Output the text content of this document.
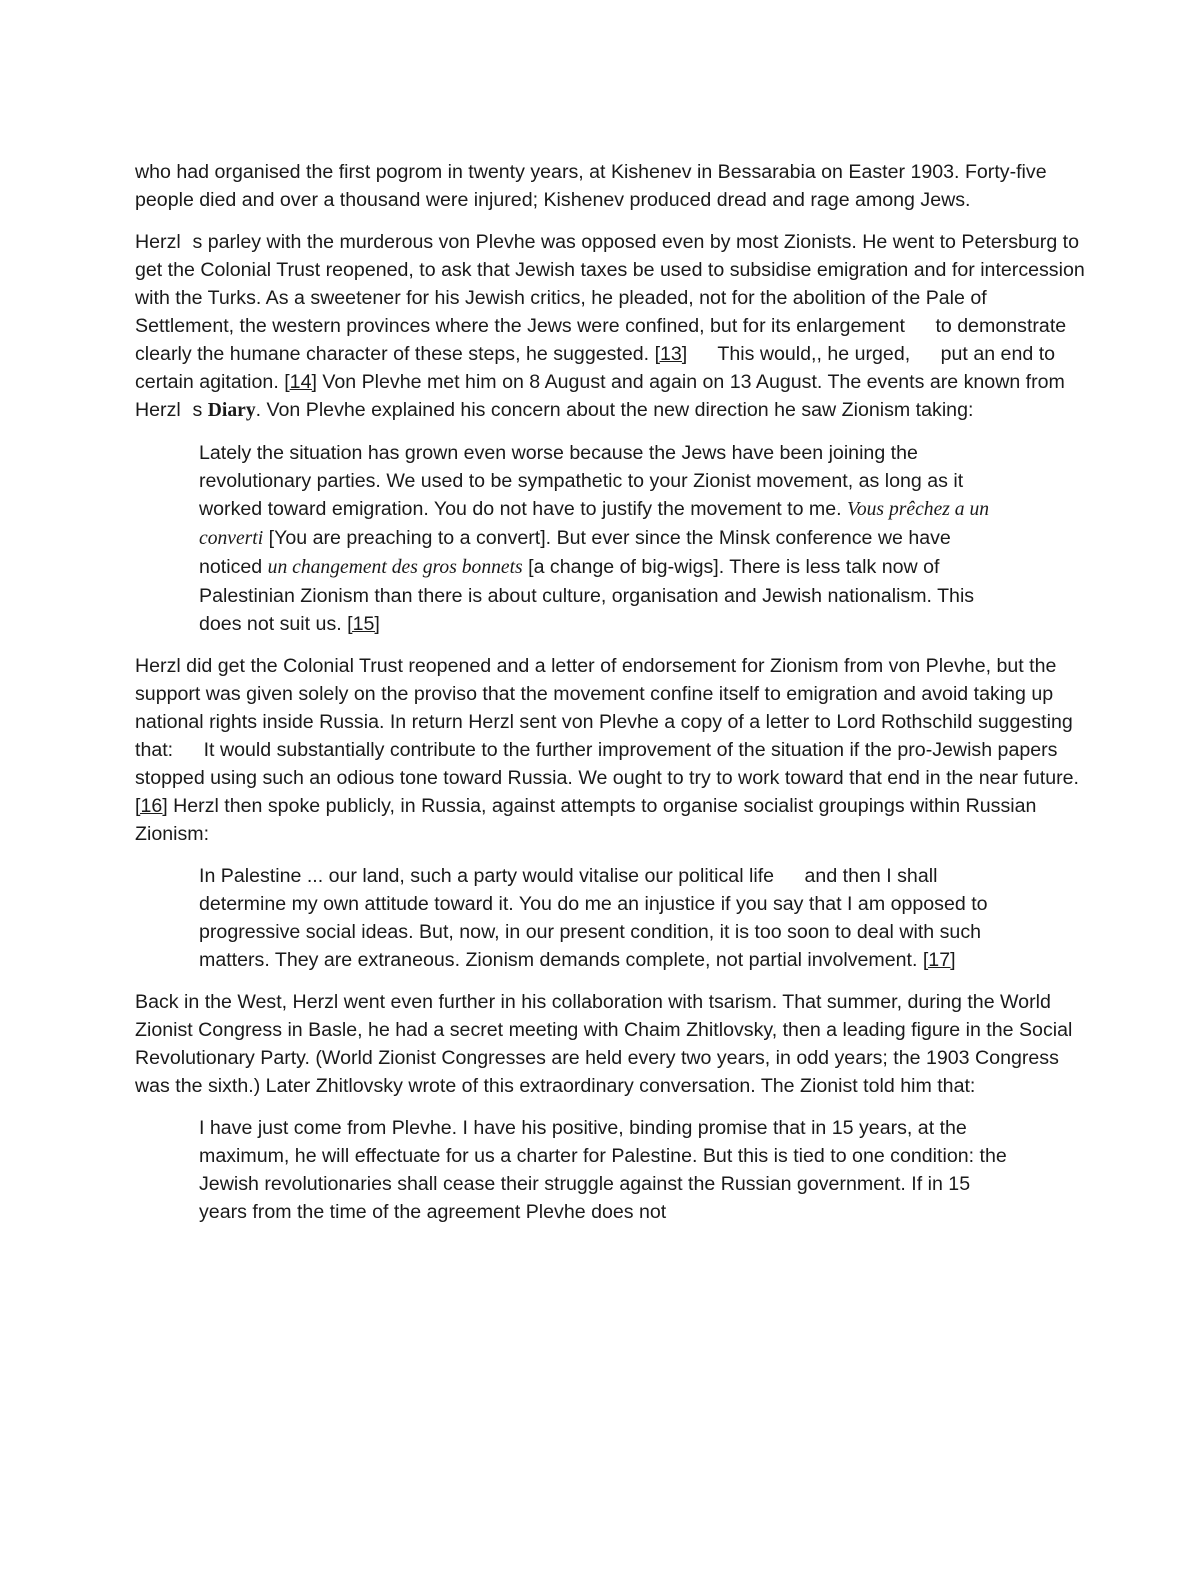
who had organised the first pogrom in twenty years, at Kishenev in Bessarabia on Easter 1903. Forty-five people died and over a thousand were injured; Kishenev produced dread and rage among Jews.

Herzl   s parley with the murderous von Plevhe was opposed even by most Zionists. He went to Petersburg to get the Colonial Trust reopened, to ask that Jewish taxes be used to subsidise emigration and for intercession with the Turks. As a sweetener for his Jewish critics, he pleaded, not for the abolition of the Pale of Settlement, the western provinces where the Jews were confined, but for its enlargement   to demonstrate clearly the humane character of these steps, he suggested. [13]   This would,, he urged,   put an end to certain agitation. [14] Von Plevhe met him on 8 August and again on 13 August. The events are known from Herzl   s Diary. Von Plevhe explained his concern about the new direction he saw Zionism taking:

Lately the situation has grown even worse because the Jews have been joining the revolutionary parties. We used to be sympathetic to your Zionist movement, as long as it worked toward emigration. You do not have to justify the movement to me. Vous prêchez a un converti [You are preaching to a convert]. But ever since the Minsk conference we have noticed un changement des gros bonnets [a change of big-wigs]. There is less talk now of Palestinian Zionism than there is about culture, organisation and Jewish nationalism. This does not suit us. [15]

Herzl did get the Colonial Trust reopened and a letter of endorsement for Zionism from von Plevhe, but the support was given solely on the proviso that the movement confine itself to emigration and avoid taking up national rights inside Russia. In return Herzl sent von Plevhe a copy of a letter to Lord Rothschild suggesting that:   It would substantially contribute to the further improvement of the situation if the pro-Jewish papers stopped using such an odious tone toward Russia. We ought to try to work toward that end in the near future. [16] Herzl then spoke publicly, in Russia, against attempts to organise socialist groupings within Russian Zionism:

In Palestine ... our land, such a party would vitalise our political life   and then I shall determine my own attitude toward it. You do me an injustice if you say that I am opposed to progressive social ideas. But, now, in our present condition, it is too soon to deal with such matters. They are extraneous. Zionism demands complete, not partial involvement. [17]

Back in the West, Herzl went even further in his collaboration with tsarism. That summer, during the World Zionist Congress in Basle, he had a secret meeting with Chaim Zhitlovsky, then a leading figure in the Social Revolutionary Party. (World Zionist Congresses are held every two years, in odd years; the 1903 Congress was the sixth.) Later Zhitlovsky wrote of this extraordinary conversation. The Zionist told him that:

I have just come from Plevhe. I have his positive, binding promise that in 15 years, at the maximum, he will effectuate for us a charter for Palestine. But this is tied to one condition: the Jewish revolutionaries shall cease their struggle against the Russian government. If in 15 years from the time of the agreement Plevhe does not
